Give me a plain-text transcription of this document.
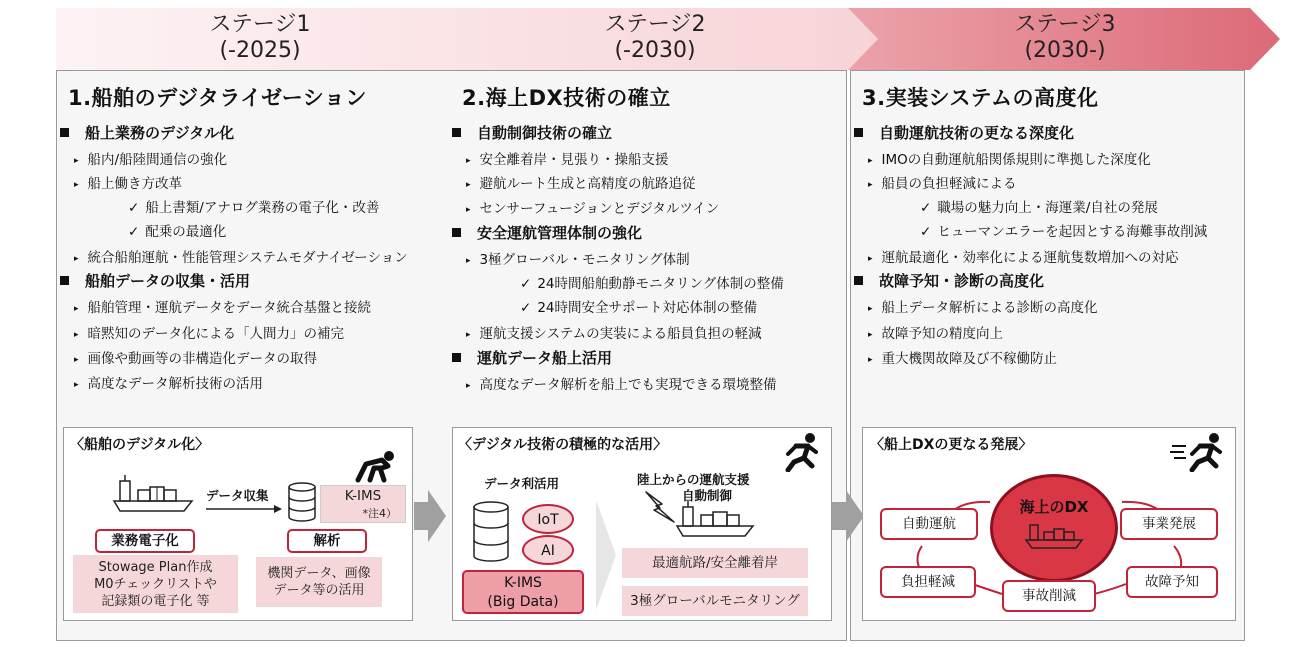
ステージ1
(-2025)
ステージ2
(-2030)
ステージ3
(2030-)
1.船舶のデジタライゼーション
船上業務のデジタル化
▸ 船内/船陸間通信の強化
▸ 船上働き方改革
✓ 船上書類/アナログ業務の電子化・改善
✓ 配乗の最適化
▸ 統合船舶運航・性能管理システムモダナイゼーション
船舶データの収集・活用
▸ 船舶管理・運航データをデータ統合基盤と接続
▸ 暗黙知のデータ化による「人間力」の補完
▸ 画像や動画等の非構造化データの取得
▸ 高度なデータ解析技術の活用
〈船舶のデジタル化〉
データ収集	K-IMS
*注4）
業務電子化	解析
Stowage Plan作成
M0チェックリストや
記録類の電子化 等
機関データ、画像
データ等の活用
2.海上DX技術の確立
自動制御技術の確立
▸ 安全離着岸・見張り・操船支援
▸ 避航ルート生成と高精度の航路追従
▸ センサーフュージョンとデジタルツイン
安全運航管理体制の強化
▸ 3極グローバル・モニタリング体制
✓ 24時間船舶動静モニタリング体制の整備
✓ 24時間安全サポート対応体制の整備
▸ 運航支援システムの実装による船員負担の軽減
運航データ船上活用
▸ 高度なデータ解析を船上でも実現できる環境整備
〈デジタル技術の積極的な活用〉
データ利活用	陸上からの運航支援
自動制御
IoT
AI
K-IMS
(Big Data)
最適航路/安全離着岸
3極グローバルモニタリング
3.実装システムの高度化
自動運航技術の更なる深度化
▸ IMOの自動運航船関係規則に準拠した深度化
▸ 船員の負担軽減による
✓ 職場の魅力向上・海運業/自社の発展
✓ ヒューマンエラーを起因とする海難事故削減
▸ 運航最適化・効率化による運航隻数増加への対応
故障予知・診断の高度化
▸ 船上データ解析による診断の高度化
▸ 故障予知の精度向上
▸ 重大機関故障及び不稼働防止
〈船上DXの更なる発展〉
海上のDX
自動運航	事業発展
負担軽減	故障予知
事故削減
